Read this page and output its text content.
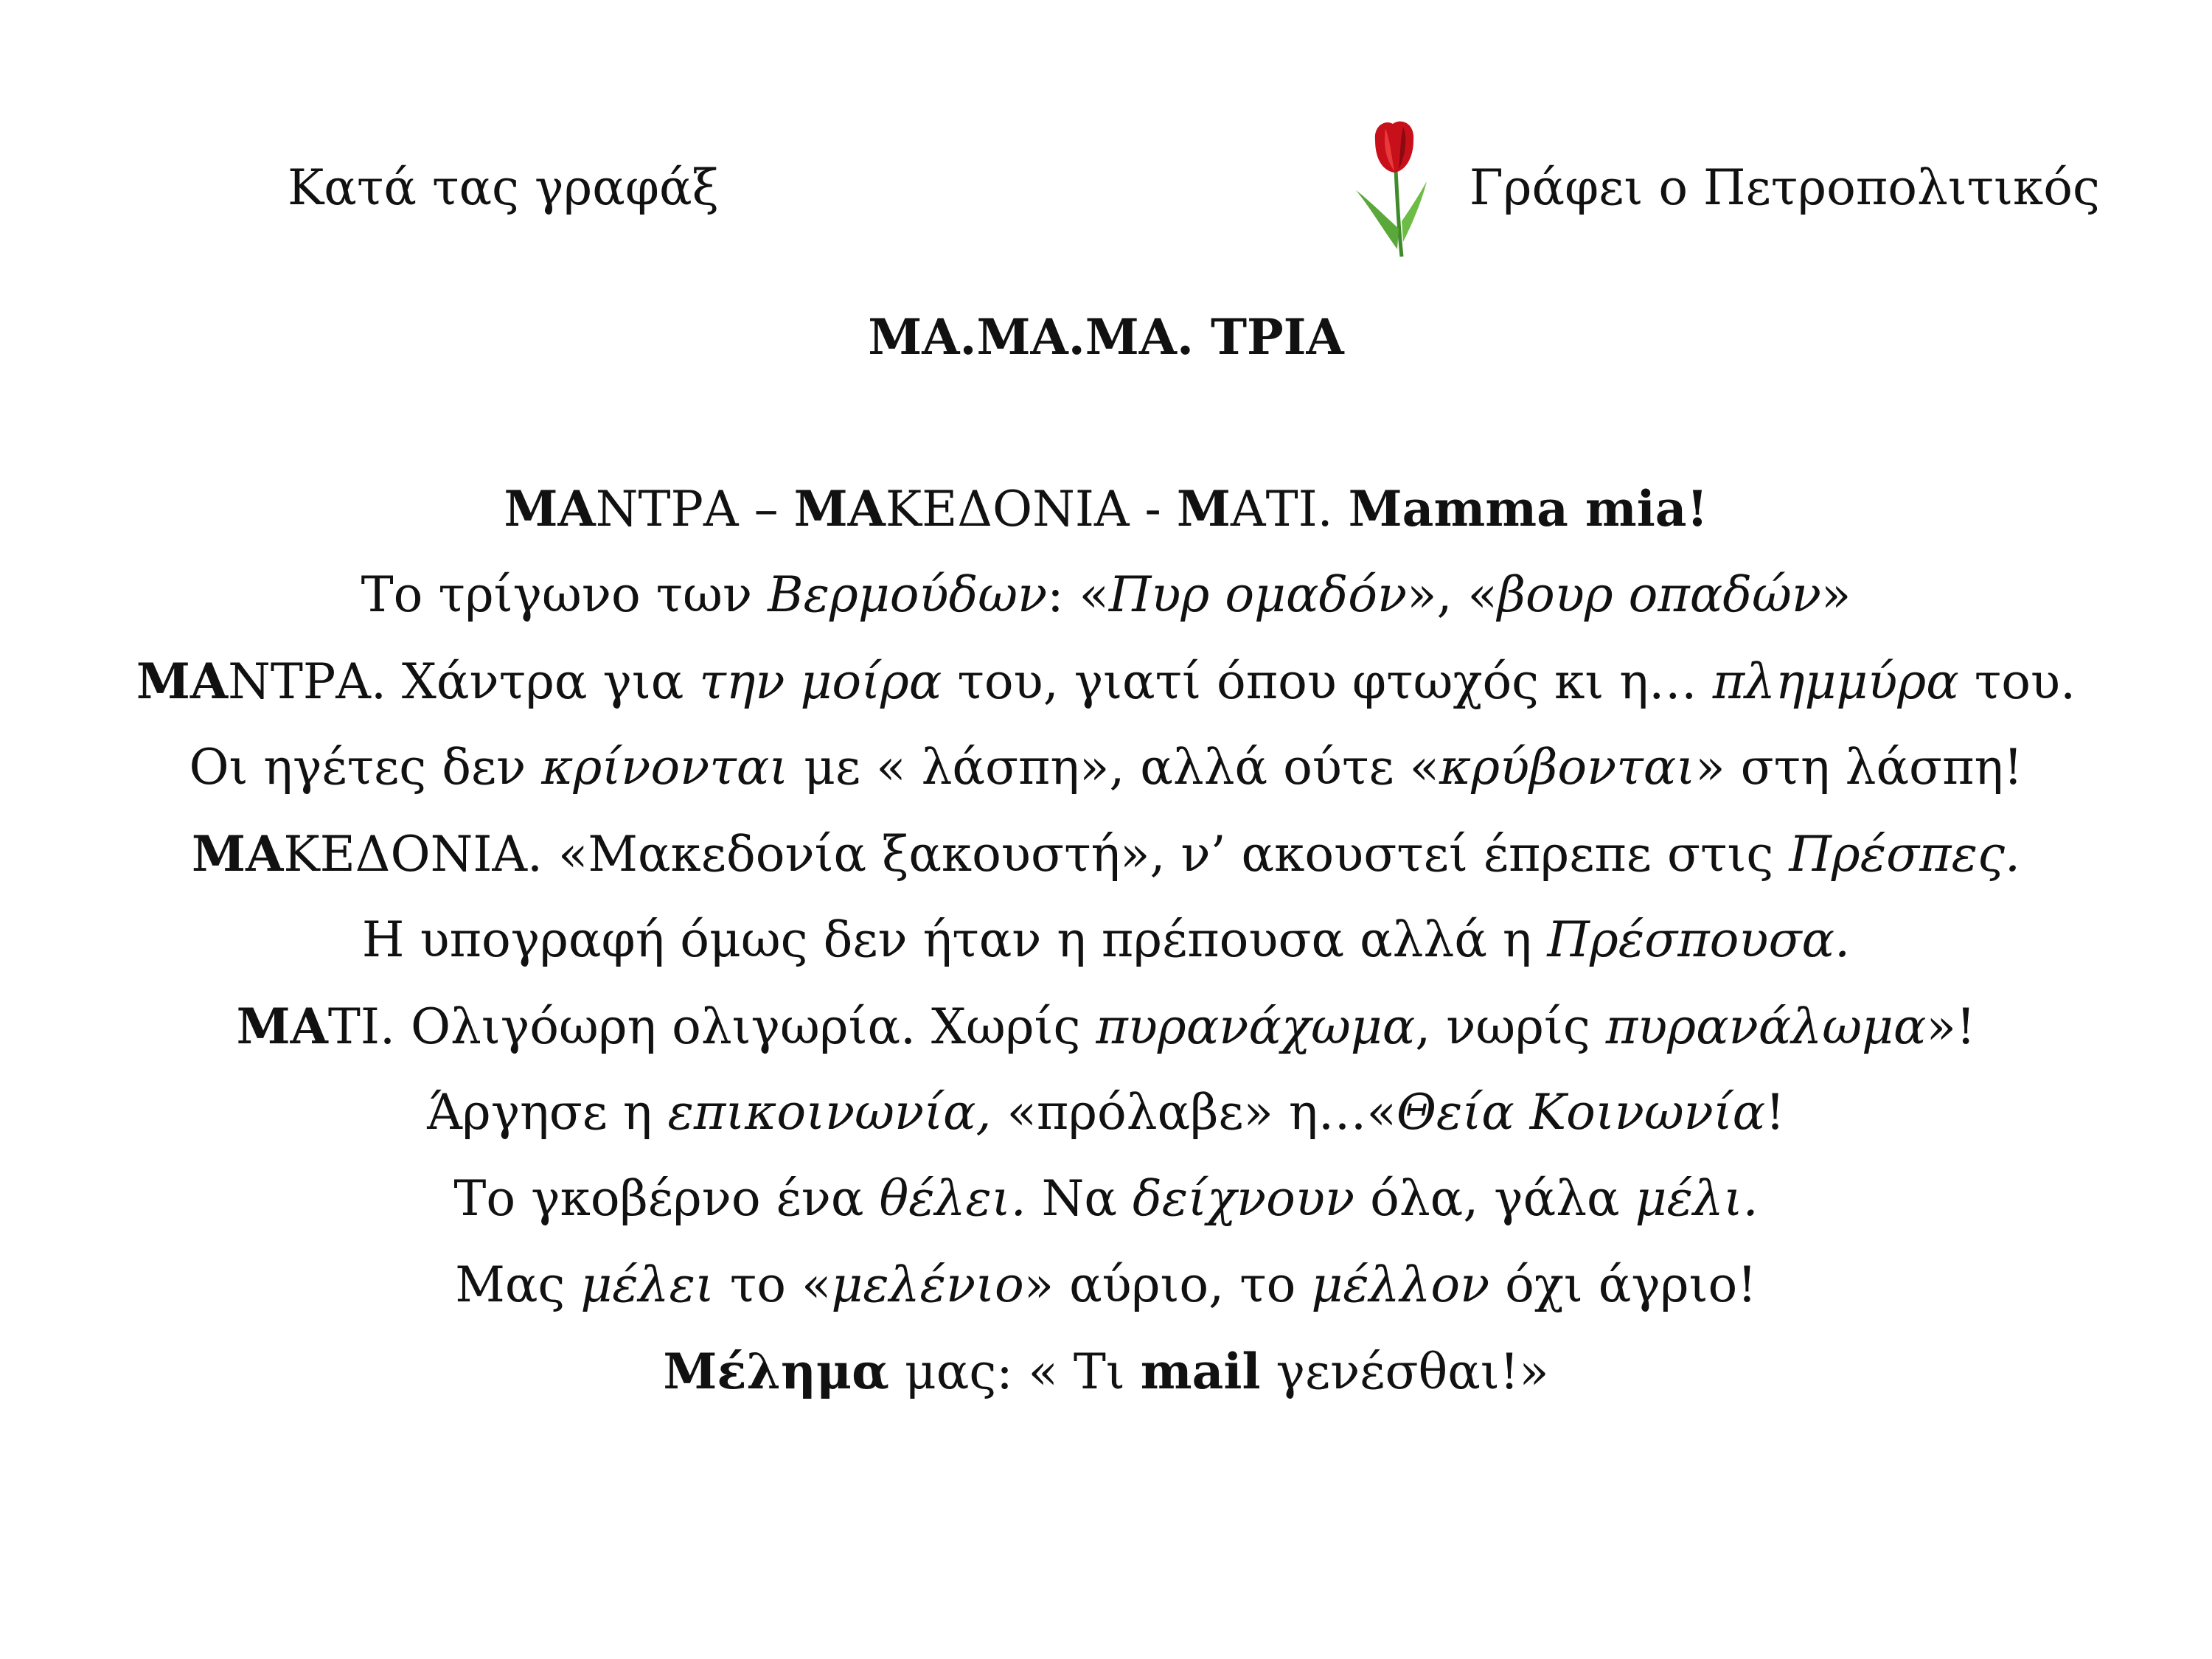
Κατά τας γραφάξ	Γράφει ο Πετροπολιτικός
ΜΑ.ΜΑ.ΜΑ. ΤΡΙΑ
ΜΑΝΤΡΑ – ΜΑΚΕΔΟΝΙΑ - ΜΑΤΙ. Mamma mia!
Το τρίγωνο των Βερμούδων: «Πυρ ομαδόν», «βουρ οπαδών»
ΜΑΝΤΡΑ. Χάντρα για την μοίρα του, γιατί όπου φτωχός κι η… πλημμύρα του.
Οι ηγέτες δεν κρίνονται με « λάσπη», αλλά ούτε «κρύβονται» στη λάσπη!
ΜΑΚΕΔΟΝΙΑ. «Μακεδονία ξακουστή», ν’ ακουστεί έπρεπε στις Πρέσπες.
Η υπογραφή όμως δεν ήταν η πρέπουσα αλλά η Πρέσπουσα.
ΜΑΤΙ. Ολιγόωρη ολιγωρία. Χωρίς πυρανάχωμα, νωρίς πυρανάλωμα»!
Άργησε η επικοινωνία, «πρόλαβε» η…«Θεία Κοινωνία!
Το γκοβέρνο ένα θέλει. Να δείχνουν όλα, γάλα μέλι.
Μας μέλει το «μελένιο» αύριο, το μέλλον όχι άγριο!
Μέλημα μας: « Τι mail γενέσθαι!»
